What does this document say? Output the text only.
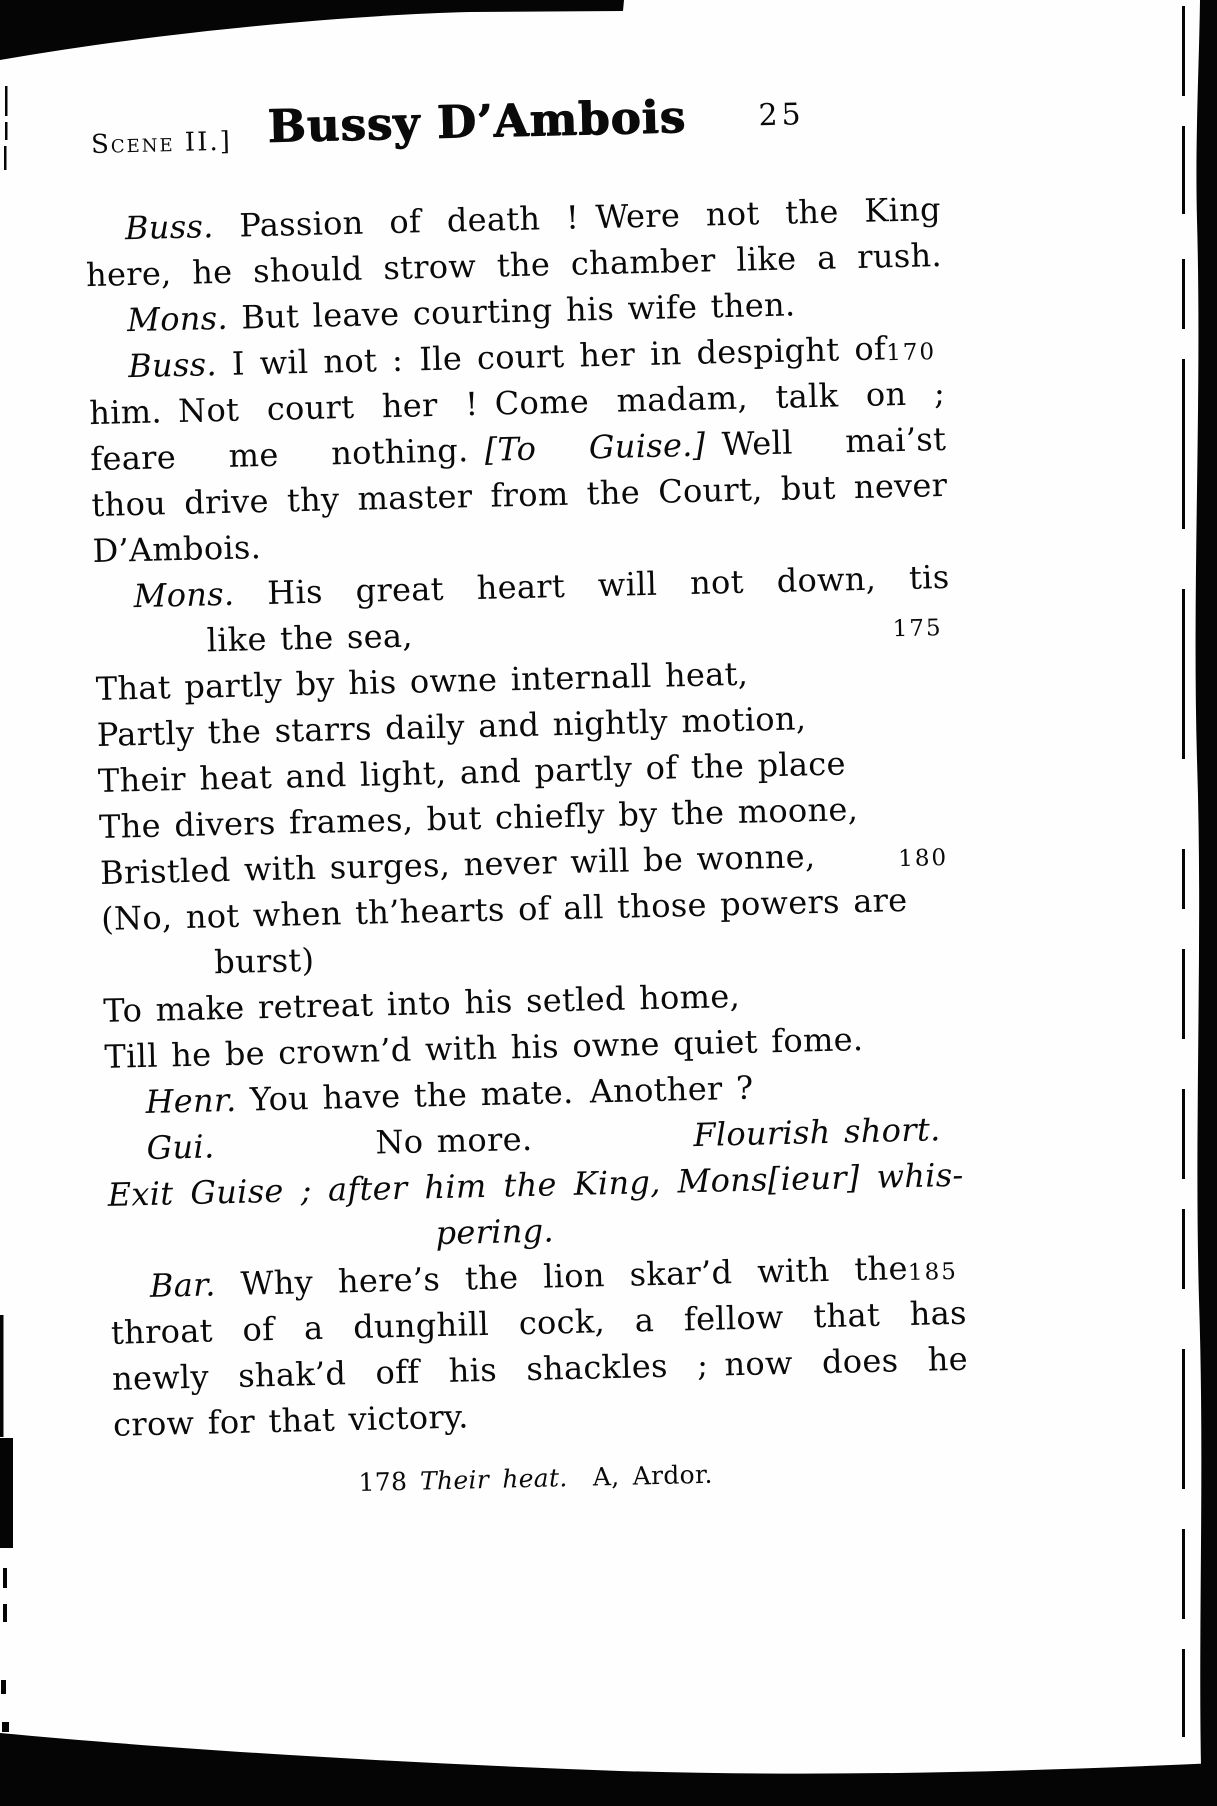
Scene II.] Bussy D’Ambois	25
Buss. Passion of death ! Were not the King
here, he should strow the chamber like a rush.
Mons. But leave courting his wife then.
Buss. I wil not : Ile court her in despight of 170
him. Not court her ! Come madam, talk on ;
feare me nothing. [To Guise.] Well mai’st
thou drive thy master from the Court, but never
D’Ambois.
Mons. His great heart will not down, tis
like the sea,	175
That partly by his owne internall heat,
Partly the starrs daily and nightly motion,
Their heat and light, and partly of the place
The divers frames, but chiefly by the moone,
Bristled with surges, never will be wonne,	180
(No, not when th’hearts of all those powers are
burst)
To make retreat into his setled home,
Till he be crown’d with his owne quiet fome.
Henr. You have the mate. Another ?
Gui.	No more.	Flourish short.
Exit Guise ; after him the King, Mons[ieur] whis-
pering.
Bar. Why here’s the lion skar’d with the 185
throat of a dunghill cock, a fellow that has
newly shak’d off his shackles ; now does he
crow for that victory.
178 Their heat. A, Ardor.
